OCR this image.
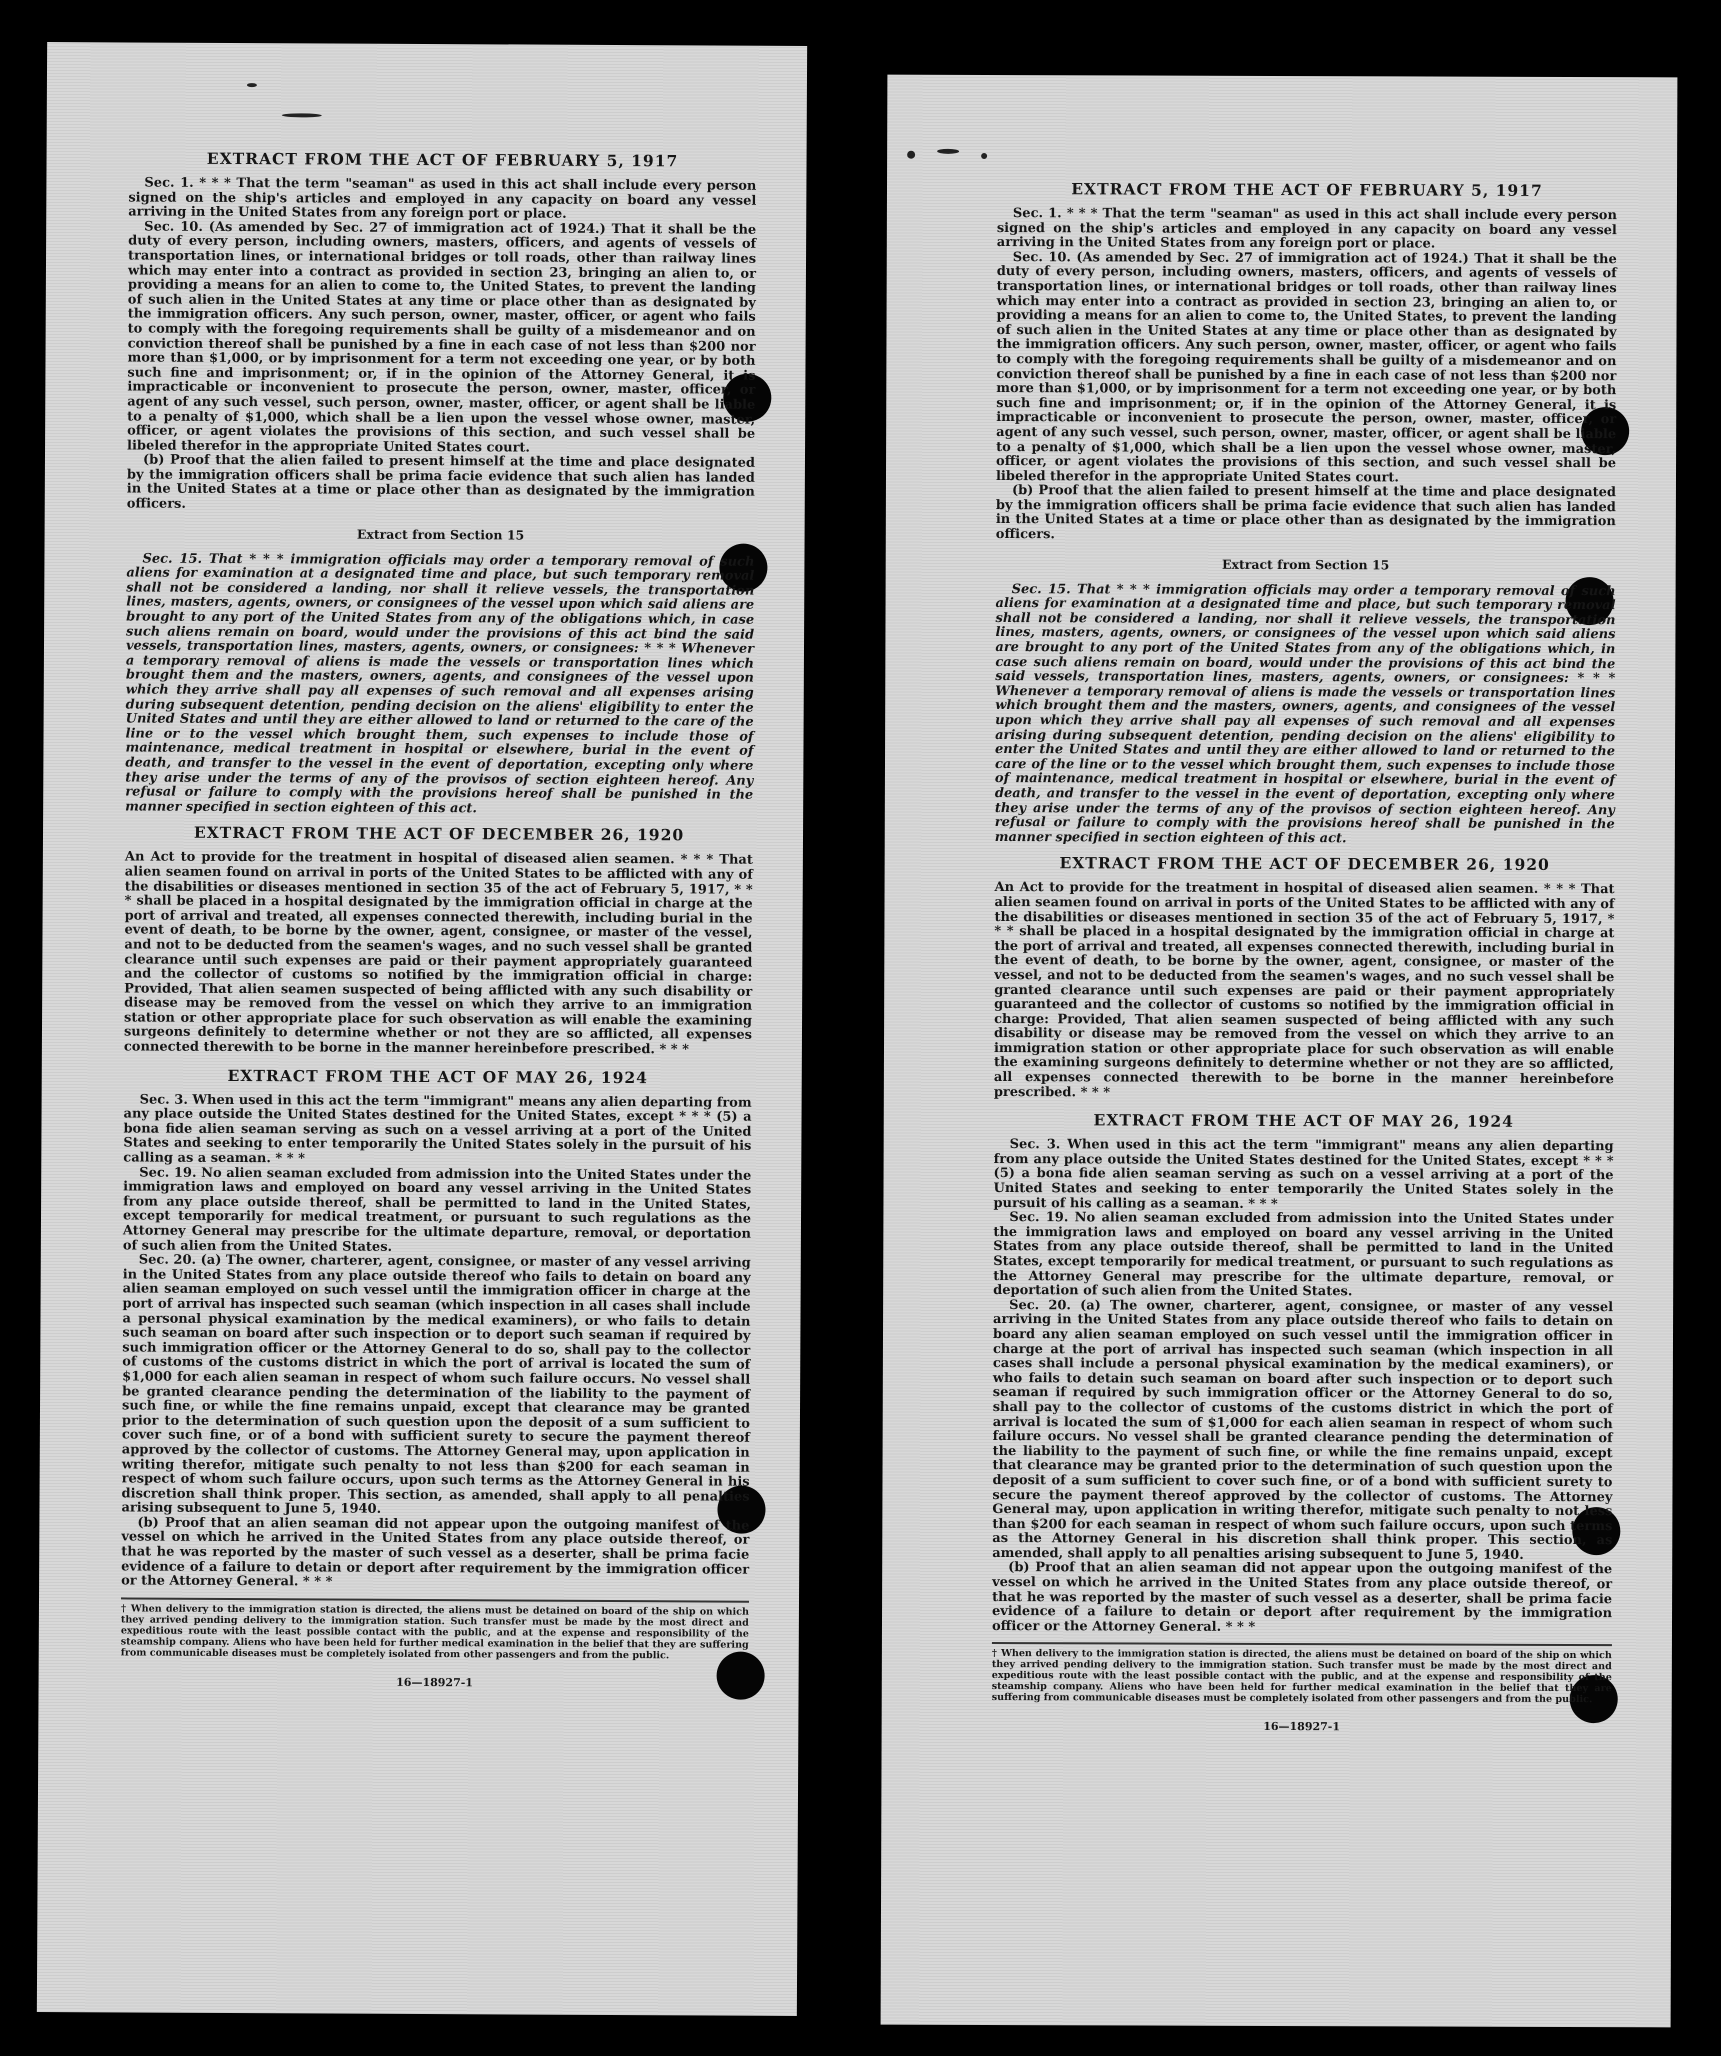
EXTRACT FROM THE ACT OF FEBRUARY 5, 1917

Sec. 1. * * * That the term "seaman" as used in this act shall include every person signed on the ship's articles and employed in any capacity on board any vessel arriving in the United States from any foreign port or place.

Sec. 10. (As amended by Sec. 27 of immigration act of 1924.) That it shall be the duty of every person, including owners, masters, officers, and agents of vessels of transportation lines, or international bridges or toll roads, other than railway lines which may enter into a contract as provided in section 23, bringing an alien to, or providing a means for an alien to come to, the United States, to prevent the landing of such alien in the United States at any time or place other than as designated by the immigration officers. Any such person, owner, master, officer, or agent who fails to comply with the foregoing requirements shall be guilty of a misdemeanor and on conviction thereof shall be punished by a fine in each case of not less than $200 nor more than $1,000, or by imprisonment for a term not exceeding one year, or by both such fine and imprisonment; or, if in the opinion of the Attorney General, it is impracticable or inconvenient to prosecute the person, owner, master, officer, or agent of any such vessel, such person, owner, master, officer, or agent shall be liable to a penalty of $1,000, which shall be a lien upon the vessel whose owner, master, officer, or agent violates the provisions of this section, and such vessel shall be libeled therefor in the appropriate United States court.

(b) Proof that the alien failed to present himself at the time and place designated by the immigration officers shall be prima facie evidence that such alien has landed in the United States at a time or place other than as designated by the immigration officers.

Extract from Section 15

Sec. 15. That * * * immigration officials may order a temporary removal of such aliens for examination at a designated time and place, but such temporary removal shall not be considered a landing, nor shall it relieve vessels, the transportation lines, masters, agents, owners, or consignees of the vessel upon which said aliens are brought to any port of the United States from any of the obligations which, in case such aliens remain on board, would under the provisions of this act bind the said vessels, transportation lines, masters, agents, owners, or consignees: * * * Whenever a temporary removal of aliens is made the vessels or transportation lines which brought them and the masters, owners, agents, and consignees of the vessel upon which they arrive shall pay all expenses of such removal and all expenses arising during subsequent detention, pending decision on the aliens' eligibility to enter the United States and until they are either allowed to land or returned to the care of the line or to the vessel which brought them, such expenses to include those of maintenance, medical treatment in hospital or elsewhere, burial in the event of death, and transfer to the vessel in the event of deportation, excepting only where they arise under the terms of any of the provisos of section eighteen hereof. Any refusal or failure to comply with the provisions hereof shall be punished in the manner specified in section eighteen of this act.

EXTRACT FROM THE ACT OF DECEMBER 26, 1920

An Act to provide for the treatment in hospital of diseased alien seamen. * * * That alien seamen found on arrival in ports of the United States to be afflicted with any of the disabilities or diseases mentioned in section 35 of the act of February 5, 1917, * * * shall be placed in a hospital designated by the immigration official in charge at the port of arrival and treated, all expenses connected therewith, including burial in the event of death, to be borne by the owner, agent, consignee, or master of the vessel, and not to be deducted from the seamen's wages, and no such vessel shall be granted clearance until such expenses are paid or their payment appropriately guaranteed and the collector of customs so notified by the immigration official in charge: Provided, That alien seamen suspected of being afflicted with any such disability or disease may be removed from the vessel on which they arrive to an immigration station or other appropriate place for such observation as will enable the examining surgeons definitely to determine whether or not they are so afflicted, all expenses connected therewith to be borne in the manner hereinbefore prescribed. * * *

EXTRACT FROM THE ACT OF MAY 26, 1924

Sec. 3. When used in this act the term "immigrant" means any alien departing from any place outside the United States destined for the United States, except * * * (5) a bona fide alien seaman serving as such on a vessel arriving at a port of the United States and seeking to enter temporarily the United States solely in the pursuit of his calling as a seaman. * * *

Sec. 19. No alien seaman excluded from admission into the United States under the immigration laws and employed on board any vessel arriving in the United States from any place outside thereof, shall be permitted to land in the United States, except temporarily for medical treatment, or pursuant to such regulations as the Attorney General may prescribe for the ultimate departure, removal, or deportation of such alien from the United States.

Sec. 20. (a) The owner, charterer, agent, consignee, or master of any vessel arriving in the United States from any place outside thereof who fails to detain on board any alien seaman employed on such vessel until the immigration officer in charge at the port of arrival has inspected such seaman (which inspection in all cases shall include a personal physical examination by the medical examiners), or who fails to detain such seaman on board after such inspection or to deport such seaman if required by such immigration officer or the Attorney General to do so, shall pay to the collector of customs of the customs district in which the port of arrival is located the sum of $1,000 for each alien seaman in respect of whom such failure occurs. No vessel shall be granted clearance pending the determination of the liability to the payment of such fine, or while the fine remains unpaid, except that clearance may be granted prior to the determination of such question upon the deposit of a sum sufficient to cover such fine, or of a bond with sufficient surety to secure the payment thereof approved by the collector of customs. The Attorney General may, upon application in writing therefor, mitigate such penalty to not less than $200 for each seaman in respect of whom such failure occurs, upon such terms as the Attorney General in his discretion shall think proper. This section, as amended, shall apply to all penalties arising subsequent to June 5, 1940.

(b) Proof that an alien seaman did not appear upon the outgoing manifest of the vessel on which he arrived in the United States from any place outside thereof, or that he was reported by the master of such vessel as a deserter, shall be prima facie evidence of a failure to detain or deport after requirement by the immigration officer or the Attorney General. * * *

† When delivery to the immigration station is directed, the aliens must be detained on board of the ship on which they arrived pending delivery to the immigration station. Such transfer must be made by the most direct and expeditious route with the least possible contact with the public, and at the expense and responsibility of the steamship company. Aliens who have been held for further medical examination in the belief that they are suffering from communicable diseases must be completely isolated from other passengers and from the public.
16—18927-1
EXTRACT FROM THE ACT OF FEBRUARY 5, 1917

Sec. 1. * * * That the term "seaman" as used in this act shall include every person signed on the ship's articles and employed in any capacity on board any vessel arriving in the United States from any foreign port or place.

Sec. 10. (As amended by Sec. 27 of immigration act of 1924.) That it shall be the duty of every person, including owners, masters, officers, and agents of vessels of transportation lines, or international bridges or toll roads, other than railway lines which may enter into a contract as provided in section 23, bringing an alien to, or providing a means for an alien to come to, the United States, to prevent the landing of such alien in the United States at any time or place other than as designated by the immigration officers. Any such person, owner, master, officer, or agent who fails to comply with the foregoing requirements shall be guilty of a misdemeanor and on conviction thereof shall be punished by a fine in each case of not less than $200 nor more than $1,000, or by imprisonment for a term not exceeding one year, or by both such fine and imprisonment; or, if in the opinion of the Attorney General, it is impracticable or inconvenient to prosecute the person, owner, master, officer, or agent of any such vessel, such person, owner, master, officer, or agent shall be liable to a penalty of $1,000, which shall be a lien upon the vessel whose owner, master, officer, or agent violates the provisions of this section, and such vessel shall be libeled therefor in the appropriate United States court.

(b) Proof that the alien failed to present himself at the time and place designated by the immigration officers shall be prima facie evidence that such alien has landed in the United States at a time or place other than as designated by the immigration officers.

Extract from Section 15

Sec. 15. That * * * immigration officials may order a temporary removal of such aliens for examination at a designated time and place, but such temporary removal shall not be considered a landing, nor shall it relieve vessels, the transportation lines, masters, agents, owners, or consignees of the vessel upon which said aliens are brought to any port of the United States from any of the obligations which, in case such aliens remain on board, would under the provisions of this act bind the said vessels, transportation lines, masters, agents, owners, or consignees: * * * Whenever a temporary removal of aliens is made the vessels or transportation lines which brought them and the masters, owners, agents, and consignees of the vessel upon which they arrive shall pay all expenses of such removal and all expenses arising during subsequent detention, pending decision on the aliens' eligibility to enter the United States and until they are either allowed to land or returned to the care of the line or to the vessel which brought them, such expenses to include those of maintenance, medical treatment in hospital or elsewhere, burial in the event of death, and transfer to the vessel in the event of deportation, excepting only where they arise under the terms of any of the provisos of section eighteen hereof. Any refusal or failure to comply with the provisions hereof shall be punished in the manner specified in section eighteen of this act.

EXTRACT FROM THE ACT OF DECEMBER 26, 1920

An Act to provide for the treatment in hospital of diseased alien seamen. * * * That alien seamen found on arrival in ports of the United States to be afflicted with any of the disabilities or diseases mentioned in section 35 of the act of February 5, 1917, * * * shall be placed in a hospital designated by the immigration official in charge at the port of arrival and treated, all expenses connected therewith, including burial in the event of death, to be borne by the owner, agent, consignee, or master of the vessel, and not to be deducted from the seamen's wages, and no such vessel shall be granted clearance until such expenses are paid or their payment appropriately guaranteed and the collector of customs so notified by the immigration official in charge: Provided, That alien seamen suspected of being afflicted with any such disability or disease may be removed from the vessel on which they arrive to an immigration station or other appropriate place for such observation as will enable the examining surgeons definitely to determine whether or not they are so afflicted, all expenses connected therewith to be borne in the manner hereinbefore prescribed. * * *

EXTRACT FROM THE ACT OF MAY 26, 1924

Sec. 3. When used in this act the term "immigrant" means any alien departing from any place outside the United States destined for the United States, except * * * (5) a bona fide alien seaman serving as such on a vessel arriving at a port of the United States and seeking to enter temporarily the United States solely in the pursuit of his calling as a seaman. * * *

Sec. 19. No alien seaman excluded from admission into the United States under the immigration laws and employed on board any vessel arriving in the United States from any place outside thereof, shall be permitted to land in the United States, except temporarily for medical treatment, or pursuant to such regulations as the Attorney General may prescribe for the ultimate departure, removal, or deportation of such alien from the United States.

Sec. 20. (a) The owner, charterer, agent, consignee, or master of any vessel arriving in the United States from any place outside thereof who fails to detain on board any alien seaman employed on such vessel until the immigration officer in charge at the port of arrival has inspected such seaman (which inspection in all cases shall include a personal physical examination by the medical examiners), or who fails to detain such seaman on board after such inspection or to deport such seaman if required by such immigration officer or the Attorney General to do so, shall pay to the collector of customs of the customs district in which the port of arrival is located the sum of $1,000 for each alien seaman in respect of whom such failure occurs. No vessel shall be granted clearance pending the determination of the liability to the payment of such fine, or while the fine remains unpaid, except that clearance may be granted prior to the determination of such question upon the deposit of a sum sufficient to cover such fine, or of a bond with sufficient surety to secure the payment thereof approved by the collector of customs. The Attorney General may, upon application in writing therefor, mitigate such penalty to not less than $200 for each seaman in respect of whom such failure occurs, upon such terms as the Attorney General in his discretion shall think proper. This section, as amended, shall apply to all penalties arising subsequent to June 5, 1940.

(b) Proof that an alien seaman did not appear upon the outgoing manifest of the vessel on which he arrived in the United States from any place outside thereof, or that he was reported by the master of such vessel as a deserter, shall be prima facie evidence of a failure to detain or deport after requirement by the immigration officer or the Attorney General. * * *

† When delivery to the immigration station is directed, the aliens must be detained on board of the ship on which they arrived pending delivery to the immigration station. Such transfer must be made by the most direct and expeditious route with the least possible contact with the public, and at the expense and responsibility of the steamship company. Aliens who have been held for further medical examination in the belief that they are suffering from communicable diseases must be completely isolated from other passengers and from the public.
16—18927-1
